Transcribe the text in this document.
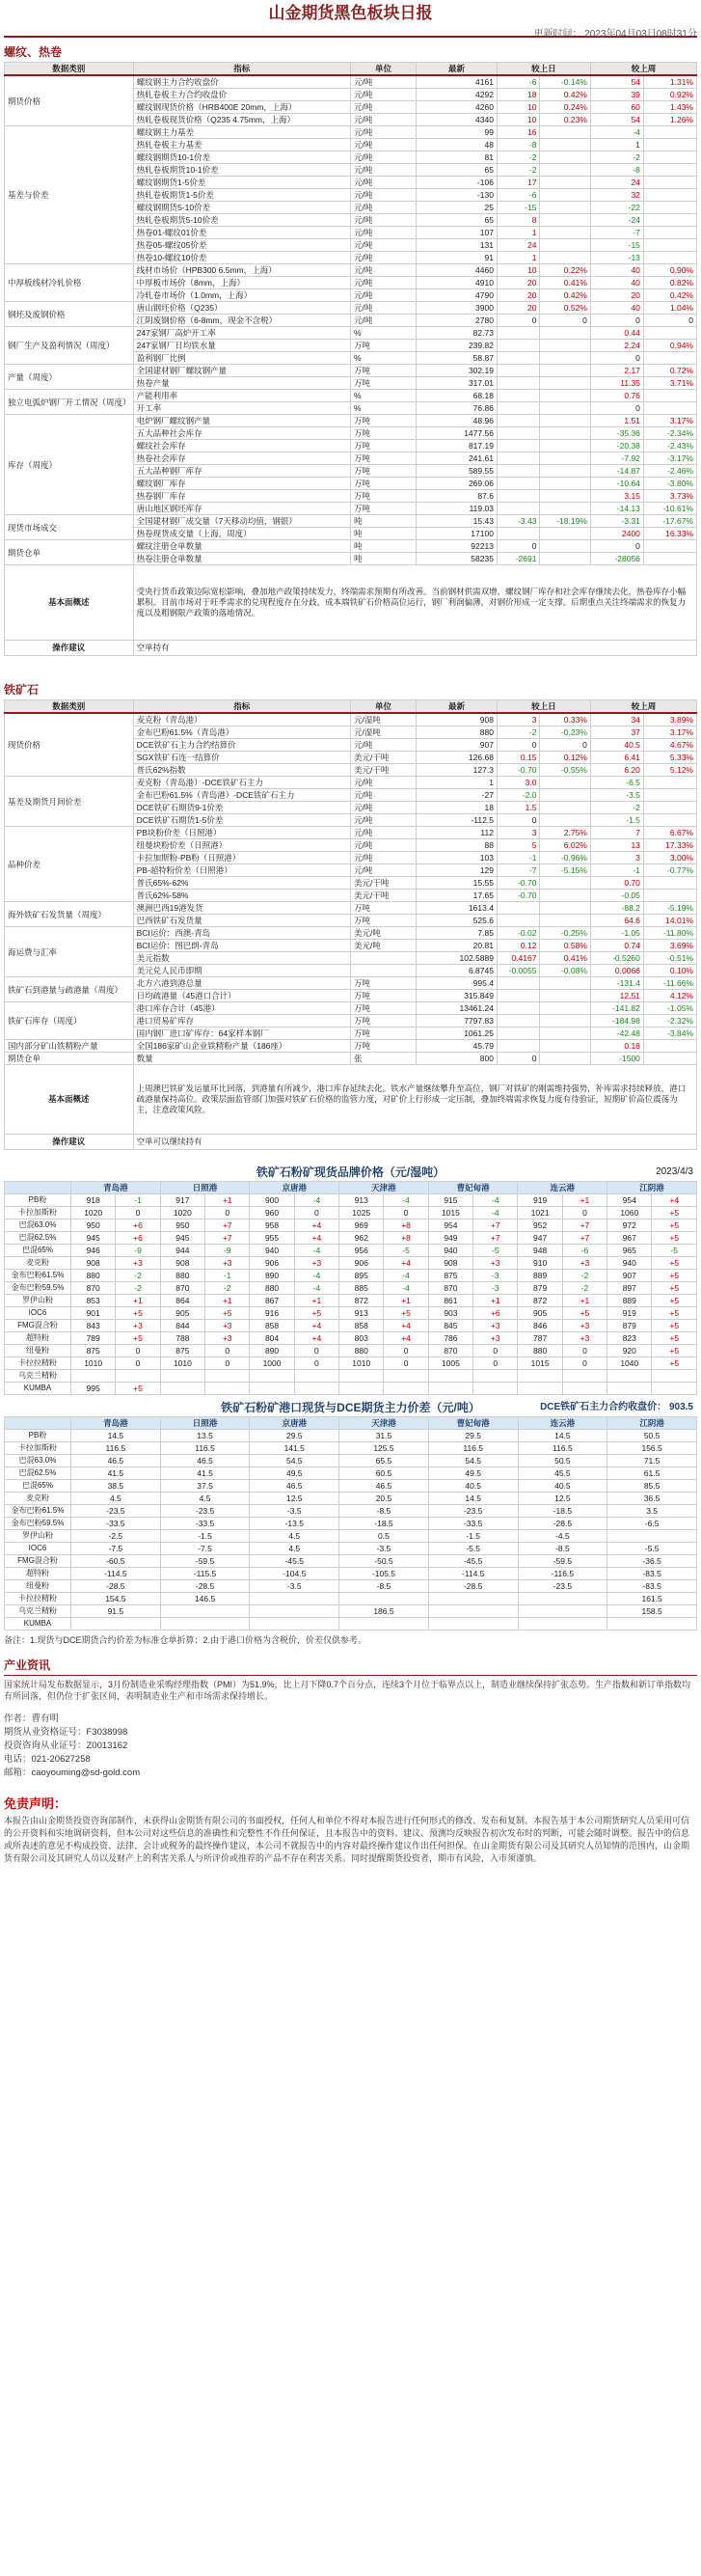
山金期货黑色板块日报
更新时间： 2023年04月03日08时31分
螺纹、热卷
数据类别	指标	单位	最新	较上日		较上周	
期货价格	螺纹钢主力合约收盘价	元/吨	4161	-6	-0.14%	54	1.31%
	热轧卷板主力合约收盘价	元/吨	4292	18	0.42%	39	0.92%
	螺纹钢现货价格（HRB400E 20mm，上海）	元/吨	4260	10	0.24%	60	1.43%
	热轧卷板现货价格（Q235 4.75mm，上海）	元/吨	4340	10	0.23%	54	1.26%
基差与价差	螺纹钢主力基差	元/吨	99	16		-4	
	热轧卷板主力基差	元/吨	48	-8		1	
	螺纹钢期货10-1价差	元/吨	81	-2		-2	
	热轧卷板期货10-1价差	元/吨	65	-2		-8	
	螺纹钢期货1-5价差	元/吨	-106	17		24	
	热轧卷板期货1-5价差	元/吨	-130	-6		32	
	螺纹钢期货5-10价差	元/吨	25	-15		-22	
	热轧卷板期货5-10价差	元/吨	65	8		-24	
	热卷01-螺纹01价差	元/吨	107	1		-7	
	热卷05-螺纹05价差	元/吨	131	24		-15	
	热卷10-螺纹10价差	元/吨	91	1		-13	
中厚板线材冷轧价格	线材市场价（HPB300 6.5mm，上海）	元/吨	4460	10	0.22%	40	0.90%
	中厚板市场价（8mm，上海）	元/吨	4910	20	0.41%	40	0.82%
	冷轧卷市场价（1.0mm，上海）	元/吨	4790	20	0.42%	20	0.42%
钢坯及废钢价格	唐山钢坯价格（Q235）	元/吨	3900	20	0.52%	40	1.04%
	江阴废钢价格（6-8mm，现金不含税）	元/吨	2780	0	0	0	0
钢厂生产及盈利情况（周度）	247家钢厂高炉开工率	%	82.73			0.44	
	247家钢厂日均铁水量	万吨	239.82			2.24	0.94%
	盈利钢厂比例	%	58.87			0	
产量（周度）	全国建材钢厂螺纹钢产量	万吨	302.19			2.17	0.72%
	热卷产量	万吨	317.01			11.35	3.71%
独立电弧炉钢厂开工情况（周度）	产能利用率	%	68.18			0.76	
	开工率	%	76.86			0	
库存（周度）	电炉钢厂螺纹钢产量	万吨	48.96			1.51	3.17%
	五大品种社会库存	万吨	1477.56			-35.36	-2.34%
	螺纹社会库存	万吨	817.19			-20.38	-2.43%
	热卷社会库存	万吨	241.61			-7.92	-3.17%
	五大品种钢厂库存	万吨	589.55			-14.87	-2.46%
	螺纹钢厂库存	万吨	269.06			-10.64	-3.80%
	热卷钢厂库存	万吨	87.6			3.15	3.73%
	唐山地区钢坯库存	万吨	119.03			-14.13	-10.61%
现货市场成交	全国建材钢厂成交量（7天移动均值，钢银）	吨	15.43	-3.43	-18.19%	-3.31	-17.67%
	热卷现货成交量（上海，周度）	吨	17100			2400	16.33%
期货仓单	螺纹注册仓单数量	吨	92213	0		0	
	热卷注册仓单数量	吨	58235	-2691		-28056	
基本面概述	受央行货币政策边际宽松影响，叠加地产政策持续发力，终端需求预期有所改善。当前钢材供需双增，螺纹钢厂库存和社会库存继续去化，热卷库存小幅累积。目前市场对于旺季需求的兑现程度存在分歧，成本端铁矿石价格高位运行，钢厂利润偏薄，对钢价形成一定支撑。后期重点关注终端需求的恢复力度以及粗钢限产政策的落地情况。						
操作建议	空单持有						
铁矿石
数据类别	指标	单位	最新	较上日		较上周	
现货价格	麦克粉（青岛港）	元/湿吨	908	3	0.33%	34	3.89%
	金布巴粉61.5%（青岛港）	元/湿吨	880	-2	-0.23%	37	3.17%
	DCE铁矿石主力合约结算价	元/吨	907	0	0	40.5	4.67%
	SGX铁矿石连一结算价	美元/干吨	126.68	0.15	0.12%	6.41	5.33%
	普氏62%指数	美元/干吨	127.3	-0.70	-0.55%	6.20	5.12%
基差及期货月间价差	麦克粉（青岛港）-DCE铁矿石主力	元/吨	1	3.0		-6.5	
	金布巴粉61.5%（青岛港）-DCE铁矿石主力	元/吨	-27	-2.0		-3.5	
	DCE铁矿石期货9-1价差	元/吨	18	1.5		-2	
	DCE铁矿石期货1-5价差	元/吨	-112.5	0		-1.5	
品种价差	PB块粉价差（日照港）	元/吨	112	3	2.75%	7	6.67%
	纽曼块粉价差（日照港）	元/吨	88	5	6.02%	13	17.33%
	卡拉加斯粉-PB粉（日照港）	元/吨	103	-1	-0.96%	3	3.00%
	PB-超特粉价差（日照港）	元/吨	129	-7	-5.15%	-1	-0.77%
	普氏65%-62%	美元/干吨	15.55	-0.70		0.70	
	普氏62%-58%	美元/干吨	17.65	-0.70		-0.05	
海外铁矿石发货量（周度）	澳洲巴西19港发货	万吨	1613.4			-88.2	-5.19%
	巴西铁矿石发货量	万吨	525.6			64.6	14.01%
海运费与汇率	BCI运价：西澳-青岛	美元/吨	7.85	-0.02	-0.25%	-1.05	-11.80%
	BCI运价：图巴朗-青岛	美元/吨	20.81	0.12	0.58%	0.74	3.69%
	美元指数		102.5889	0.4167	0.41%	-0.5260	-0.51%
	美元兑人民币即期		6.8745	-0.0055	-0.08%	0.0066	0.10%
铁矿石到港量与疏港量（周度）	北方六港到港总量	万吨	995.4			-131.4	-11.66%
	日均疏港量（45港口合计）	万吨	315.849			12.51	4.12%
铁矿石库存（周度）	港口库存合计（45港）	万吨	13461.24			-141.82	-1.05%
	港口贸易矿库存	万吨	7797.83			-184.98	-2.32%
	国内钢厂进口矿库存：64家样本钢厂	万吨	1061.25			-42.48	-3.84%
国内部分矿山铁精粉产量	全国186家矿山企业铁精粉产量（186座）	万吨	45.79			0.18	
期货仓单	数量	张	800	0		-1500	
基本面概述	上周澳巴铁矿发运量环比回落，到港量有所减少，港口库存延续去化。铁水产量继续攀升至高位，钢厂对铁矿的刚需维持强势，补库需求持续释放，港口疏港量保持高位。政策层面监管部门加强对铁矿石价格的监管力度，对矿价上行形成一定压制，叠加终端需求恢复力度有待验证，短期矿价高位震荡为主，注意政策风险。						
操作建议	空单可以继续持有						
铁矿石粉矿现货品牌价格（元/湿吨）	2023/4/3
	青岛港		日照港		京唐港		天津港		曹妃甸港		连云港		江阴港	
PB粉	918	-1	917	+1	900	-4	913	-4	915	-4	919	+1	954	+4
卡拉加斯粉	1020	0	1020	0	960	0	1025	0	1015	-4	1021	0	1060	+5
巴混63.0%	950	+6	950	+7	958	+4	969	+8	954	+7	952	+7	972	+5
巴混62.5%	945	+6	945	+7	955	+4	962	+8	949	+7	947	+7	967	+5
巴混65%	946	-9	944	-9	940	-4	956	-5	940	-5	948	-6	965	-5
麦克粉	908	+3	908	+3	906	+3	906	+4	908	+3	910	+3	940	+5
金布巴粉61.5%	880	-2	880	-1	890	-4	895	-4	875	-3	889	-2	907	+5
金布巴粉59.5%	870	-2	870	-2	880	-4	885	-4	870	-3	879	-2	897	+5
罗伊山粉	853	+1	864	+1	867	+1	872	+1	861	+1	872	+1	889	+5
IOC6	901	+5	905	+5	916	+5	913	+5	903	+6	905	+5	919	+5
FMG混合粉	843	+3	844	+3	858	+4	858	+4	845	+3	846	+3	879	+5
超特粉	789	+5	788	+3	804	+4	803	+4	786	+3	787	+3	823	+5
纽曼粉	875	0	875	0	890	0	880	0	870	0	880	0	920	+5
卡拉拉精粉	1010	0	1010	0	1000	0	1010	0	1005	0	1015	0	1040	+5
乌克兰精粉														
KUMBA	995	+5												
铁矿石粉矿港口现货与DCE期货主力价差（元/吨）	DCE铁矿石主力合约收盘价： 903.5
	青岛港	日照港	京唐港	天津港	曹妃甸港	连云港	江阴港
PB粉	14.5	13.5	29.5	31.5	29.5	14.5	50.5
卡拉加斯粉	116.5	116.5	141.5	125.5	116.5	116.5	156.5
巴混63.0%	46.5	46.5	54.5	65.5	54.5	50.5	71.5
巴混62.5%	41.5	41.5	49.5	60.5	49.5	45.5	61.5
巴混65%	38.5	37.5	46.5	46.5	40.5	40.5	85.5
麦克粉	4.5	4.5	12.5	20.5	14.5	12.5	36.5
金布巴粉61.5%	-23.5	-23.5	-3.5	-8.5	-23.5	-18.5	3.5
金布巴粉59.5%	-33.5	-33.5	-13.5	-18.5	-33.5	-28.5	-6.5
罗伊山粉	-2.5	-1.5	4.5	0.5	-1.5	-4.5	
IOC6	-7.5	-7.5	4.5	-3.5	-5.5	-8.5	-5.5
FMG混合粉	-60.5	-59.5	-45.5	-50.5	-45.5	-59.5	-36.5
超特粉	-114.5	-115.5	-104.5	-105.5	-114.5	-116.5	-83.5
纽曼粉	-28.5	-28.5	-3.5	-8.5	-28.5	-23.5	-83.5
卡拉拉精粉	154.5	146.5					161.5
乌克兰精粉	91.5			186.5			158.5
KUMBA							
备注：1.现货与DCE期货合约价差为标准仓单折算；2.由于港口价格为含税价，价差仅供参考。
产业资讯
国家统计局发布数据显示，3月份制造业采购经理指数（PMI）为51.9%，比上月下降0.7个百分点，连续3个月位于临界点以上，制造业继续保持扩张态势。生产指数和新订单指数均有所回落，但仍位于扩张区间，表明制造业生产和市场需求保持增长。
作者：曹有明
期货从业资格证号：F3038998
投资咨询从业证号：Z0013162
电话：021-20627258
邮箱：caoyouming@sd-gold.com
免责声明：
本报告由山金期货投资咨询部制作，未获得山金期货有限公司的书面授权，任何人和单位不得对本报告进行任何形式的修改、发布和复制。本报告基于本公司期货研究人员采用可信的公开资料和实地调研资料，但本公司对这些信息的准确性和完整性不作任何保证，且本报告中的资料、建议、预测均反映报告初次发布时的判断，可能会随时调整。报告中的信息或所表述的意见不构成投资、法律、会计或税务的最终操作建议，本公司不就报告中的内容对最终操作建议作出任何担保。在山金期货有限公司及其研究人员知情的范围内，山金期货有限公司及其研究人员以及财产上的利害关系人与所评价或推荐的产品不存在利害关系。同时提醒期货投资者，期市有风险，入市须谨慎。
